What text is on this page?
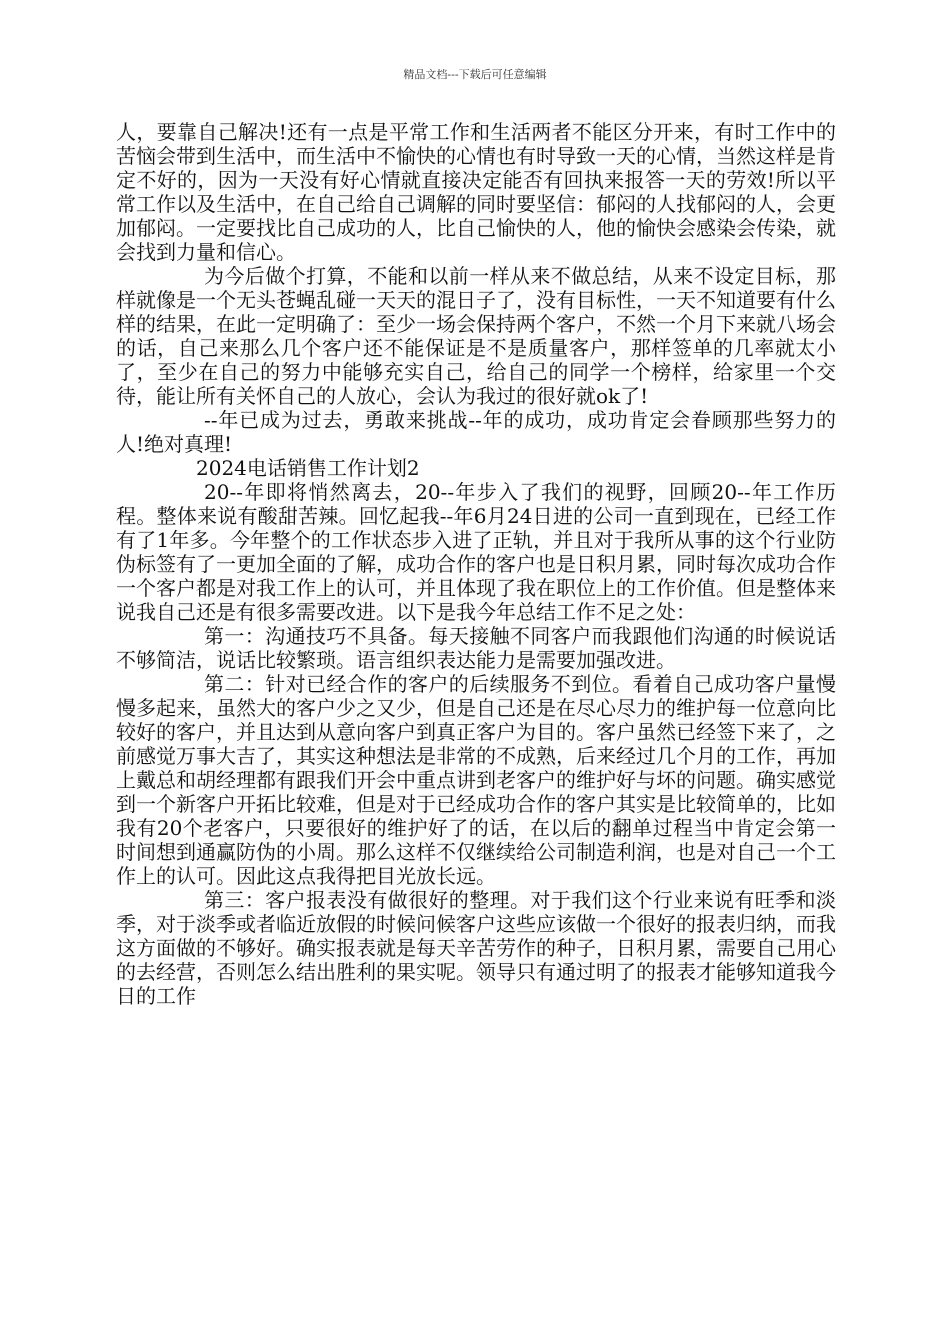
精品文档---下载后可任意编辑

人，要靠自己解决!还有一点是平常工作和生活两者不能区分开来，有时工作中的苦恼会带到生活中，而生活中不愉快的心情也有时导致一天的心情，当然这样是肯定不好的，因为一天没有好心情就直接决定能否有回执来报答一天的劳效!所以平常工作以及生活中，在自己给自己调解的同时要坚信：郁闷的人找郁闷的人，会更加郁闷。一定要找比自己成功的人，比自己愉快的人，他的愉快会感染会传染，就会找到力量和信心。

为今后做个打算，不能和以前一样从来不做总结，从来不设定目标，那样就像是一个无头苍蝇乱碰一天天的混日子了，没有目标性，一天不知道要有什么样的结果，在此一定明确了：至少一场会保持两个客户，不然一个月下来就八场会的话，自己来那么几个客户还不能保证是不是质量客户，那样签单的几率就太小了，至少在自己的努力中能够充实自己，给自己的同学一个榜样，给家里一个交待，能让所有关怀自己的人放心，会认为我过的很好就ok了!

--年已成为过去，勇敢来挑战--年的成功，成功肯定会眷顾那些努力的人!绝对真理!

2024电话销售工作计划2

20--年即将悄然离去，20--年步入了我们的视野，回顾20--年工作历程。整体来说有酸甜苦辣。回忆起我--年6月24日进的公司一直到现在，已经工作有了1年多。今年整个的工作状态步入进了正轨，并且对于我所从事的这个行业防伪标签有了一更加全面的了解，成功合作的客户也是日积月累，同时每次成功合作一个客户都是对我工作上的认可，并且体现了我在职位上的工作价值。但是整体来说我自己还是有很多需要改进。以下是我今年总结工作不足之处：

第一：沟通技巧不具备。每天接触不同客户而我跟他们沟通的时候说话不够简洁，说话比较繁琐。语言组织表达能力是需要加强改进。

第二：针对已经合作的客户的后续服务不到位。看着自己成功客户量慢慢多起来，虽然大的客户少之又少，但是自己还是在尽心尽力的维护每一位意向比较好的客户，并且达到从意向客户到真正客户为目的。客户虽然已经签下来了，之前感觉万事大吉了，其实这种想法是非常的不成熟，后来经过几个月的工作，再加上戴总和胡经理都有跟我们开会中重点讲到老客户的维护好与坏的问题。确实感觉到一个新客户开拓比较难，但是对于已经成功合作的客户其实是比较简单的，比如我有20个老客户，只要很好的维护好了的话，在以后的翻单过程当中肯定会第一时间想到通赢防伪的小周。那么这样不仅继续给公司制造利润，也是对自己一个工作上的认可。因此这点我得把目光放长远。

第三：客户报表没有做很好的整理。对于我们这个行业来说有旺季和淡季，对于淡季或者临近放假的时候问候客户这些应该做一个很好的报表归纳，而我这方面做的不够好。确实报表就是每天辛苦劳作的种子，日积月累，需要自己用心的去经营，否则怎么结出胜利的果实呢。领导只有通过明了的报表才能够知道我今日的工作
